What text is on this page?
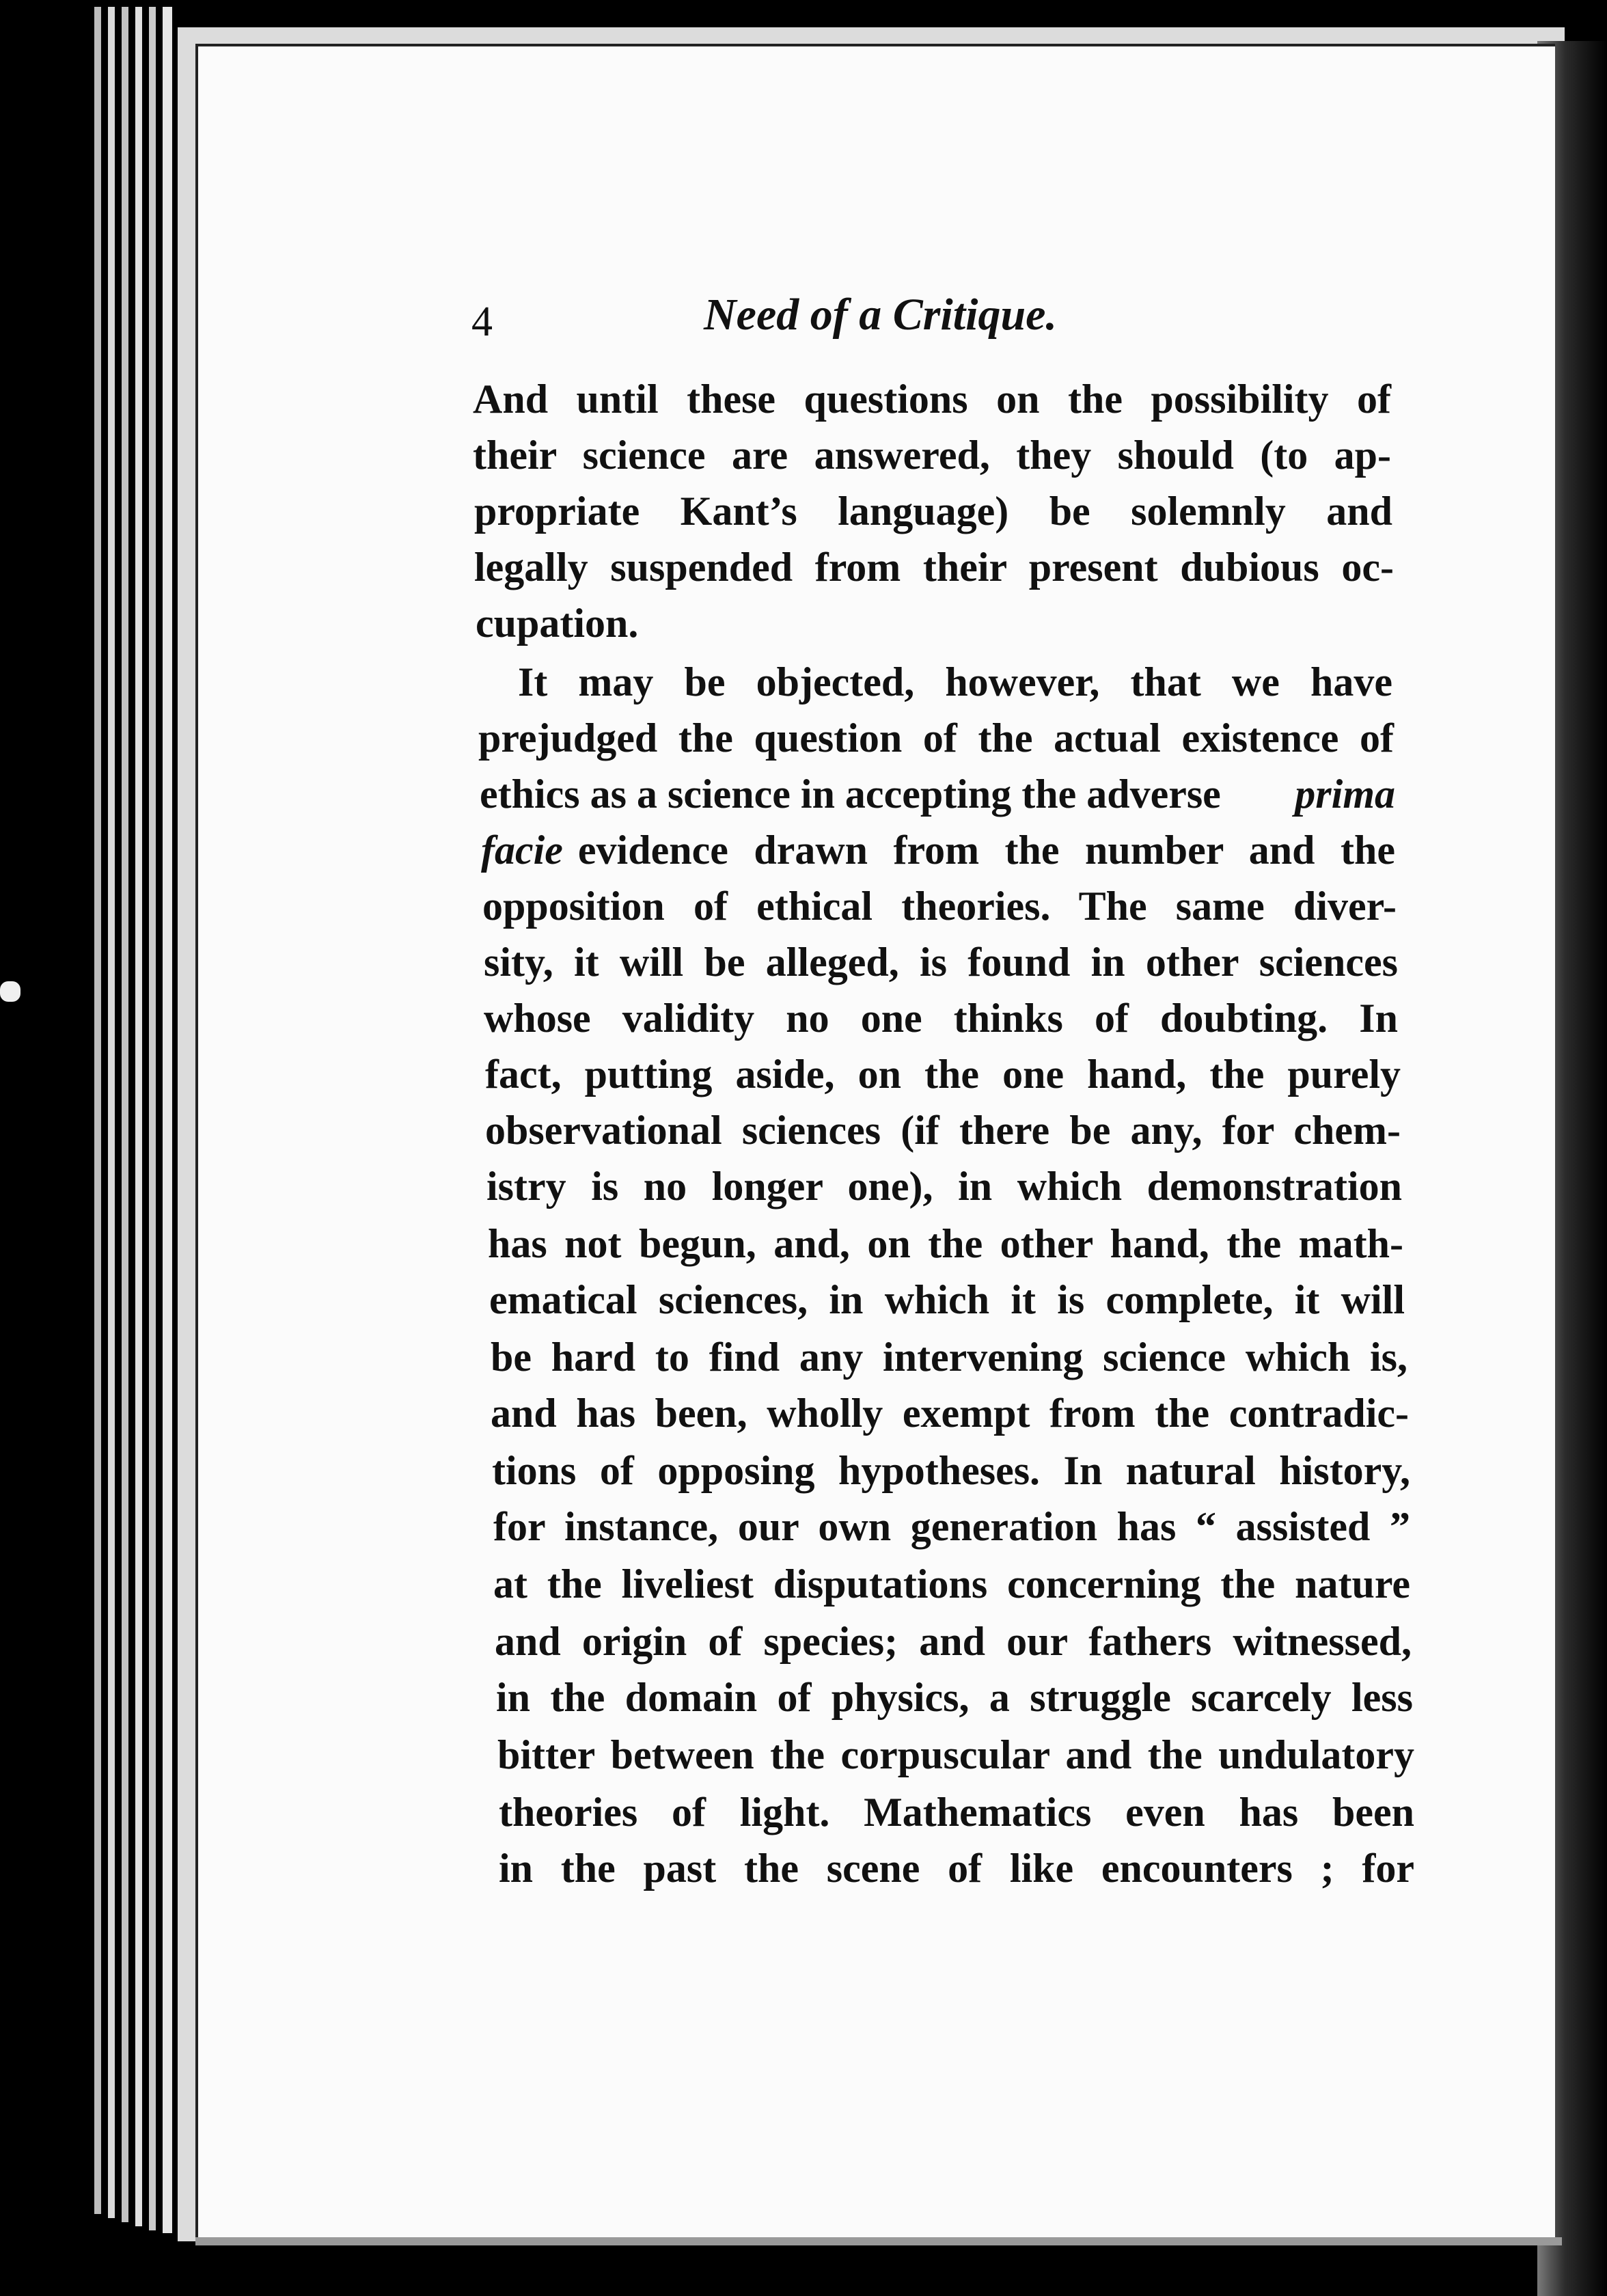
4	Need of a Critique.
And until these questions on the possibility of
their science are answered, they should (to ap-
propriate Kant’s language) be solemnly and
legally suspended from their present dubious oc-
cupation.
It may be objected, however, that we have
prejudged the question of the actual existence of
ethics as a science in accepting the adverse prima
facie evidence drawn from the number and the
opposition of ethical theories. The same diver-
sity, it will be alleged, is found in other sciences
whose validity no one thinks of doubting. In
fact, putting aside, on the one hand, the purely
observational sciences (if there be any, for chem-
istry is no longer one), in which demonstration
has not begun, and, on the other hand, the math-
ematical sciences, in which it is complete, it will
be hard to find any intervening science which is,
and has been, wholly exempt from the contradic-
tions of opposing hypotheses. In natural history,
for instance, our own generation has “ assisted ”
at the liveliest disputations concerning the nature
and origin of species; and our fathers witnessed,
in the domain of physics, a struggle scarcely less
bitter between the corpuscular and the undulatory
theories of light. Mathematics even has been
in the past the scene of like encounters ; for
